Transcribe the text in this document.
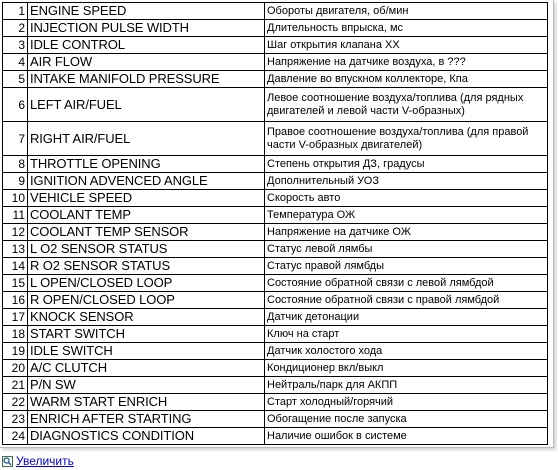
1	ENGINE SPEED	Обороты двигателя, об/мин
2	INJECTION PULSE WIDTH	Длительность впрыска, мс
3	IDLE CONTROL	Шаг открытия клапана ХХ
4	AIR FLOW	Напряжение на датчике воздуха, в ???
5	INTAKE MANIFOLD PRESSURE	Давление во впускном коллекторе, Кпа
6	LEFT AIR/FUEL	Левое соотношение воздуха/топлива (для рядных двигателей и левой части V-образных)
7	RIGHT AIR/FUEL	Правое соотношение воздуха/топлива (для правой части V-образных двигателей)
8	THROTTLE OPENING	Степень открытия ДЗ, градусы
9	IGNITION ADVENCED ANGLE	Дополнительный УОЗ
10	VEHICLE SPEED	Скорость авто
11	COOLANT TEMP	Температура ОЖ
12	COOLANT TEMP SENSOR	Напряжение на датчике ОЖ
13	L O2 SENSOR STATUS	Статус левой лямбы
14	R O2 SENSOR STATUS	Статус правой лямбды
15	L OPEN/CLOSED LOOP	Состояние обратной связи с левой лямбдой
16	R OPEN/CLOSED LOOP	Состояние обратной связи с правой лямбдой
17	KNOCK SENSOR	Датчик детонации
18	START SWITCH	Ключ на старт
19	IDLE SWITCH	Датчик холостого хода
20	A/C CLUTCH	Кондиционер вкл/выкл
21	P/N SW	Нейтраль/парк для АКПП
22	WARM START ENRICH	Старт холодный/горячий
23	ENRICH AFTER STARTING	Обогащение после запуска
24	DIAGNOSTICS CONDITION	Наличие ошибок в системе
Увеличить
